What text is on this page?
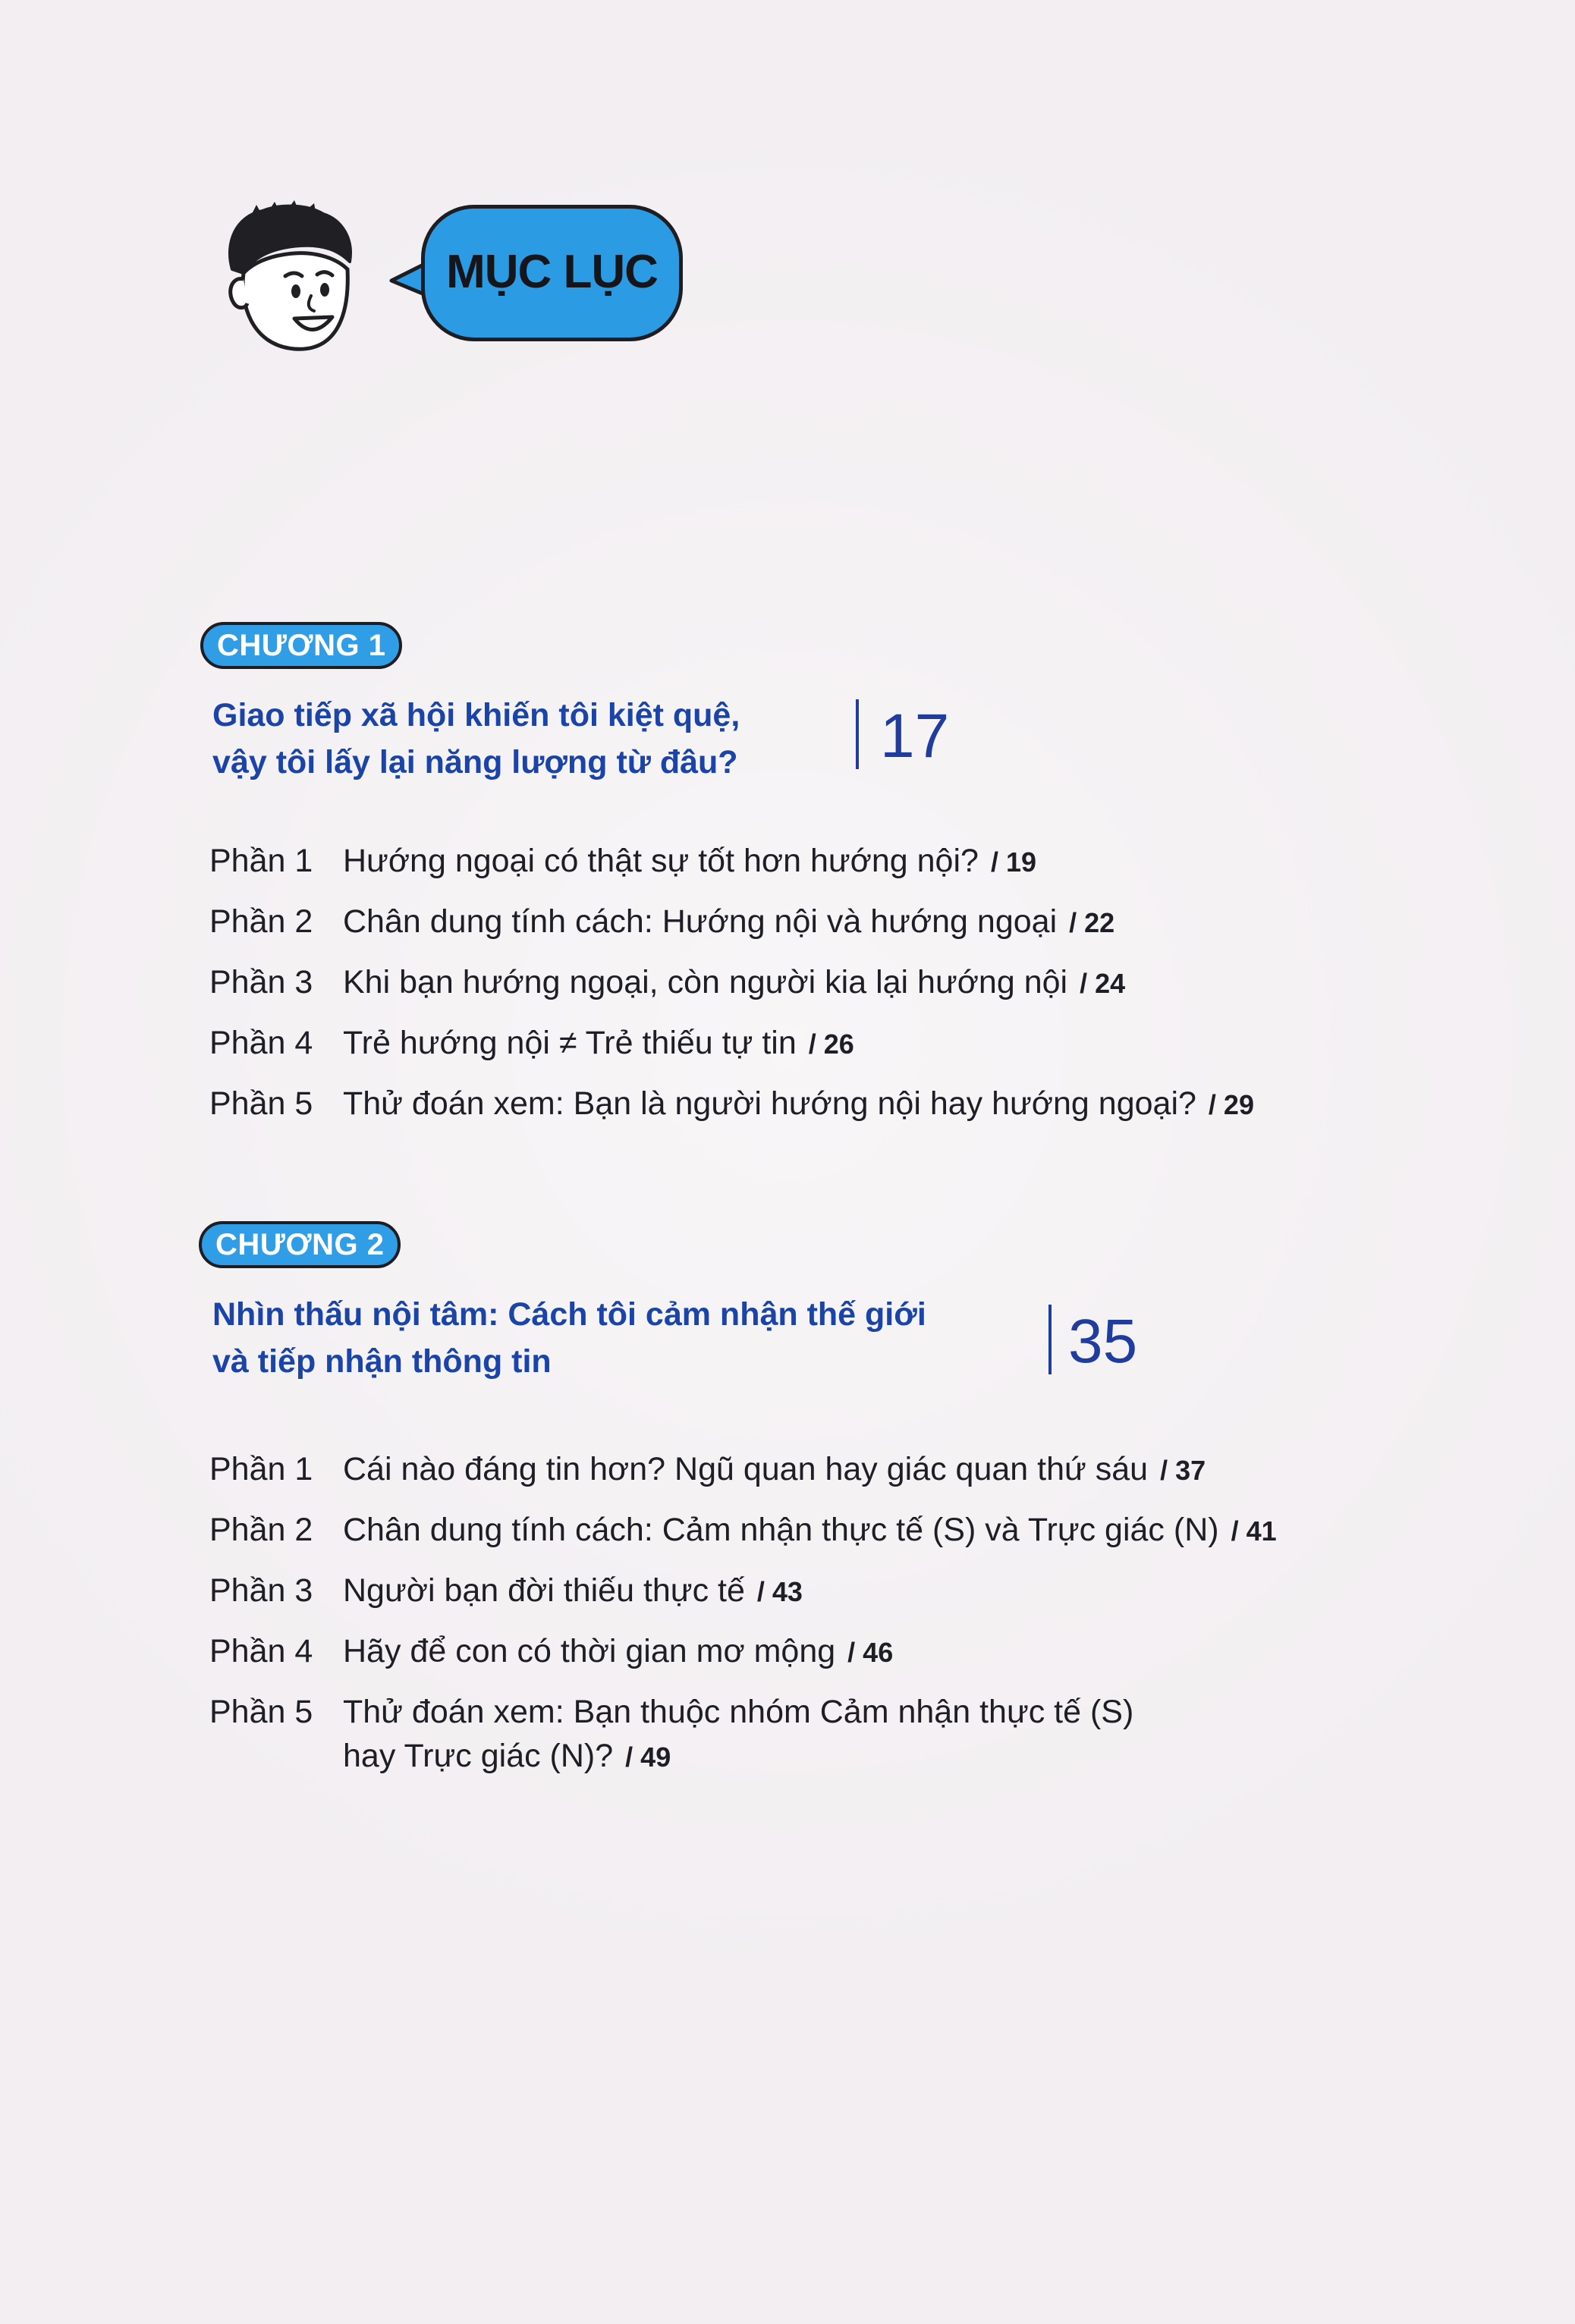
MỤC LỤC
CHƯƠNG 1
Giao tiếp xã hội khiến tôi kiệt quệ,
vậy tôi lấy lại năng lượng từ đâu? 17
Phần 1 Hướng ngoại có thật sự tốt hơn hướng nội? / 19
Phần 2 Chân dung tính cách: Hướng nội và hướng ngoại / 22
Phần 3 Khi bạn hướng ngoại, còn người kia lại hướng nội / 24
Phần 4 Trẻ hướng nội ≠ Trẻ thiếu tự tin / 26
Phần 5 Thử đoán xem: Bạn là người hướng nội hay hướng ngoại? / 29
CHƯƠNG 2
Nhìn thấu nội tâm: Cách tôi cảm nhận thế giới
và tiếp nhận thông tin	35
Phần 1 Cái nào đáng tin hơn? Ngũ quan hay giác quan thứ sáu / 37
Phần 2 Chân dung tính cách: Cảm nhận thực tế (S) và Trực giác (N) / 41
Phần 3 Người bạn đời thiếu thực tế / 43
Phần 4 Hãy để con có thời gian mơ mộng / 46
Phần 5 Thử đoán xem: Bạn thuộc nhóm Cảm nhận thực tế (S)
hay Trực giác (N)? / 49
